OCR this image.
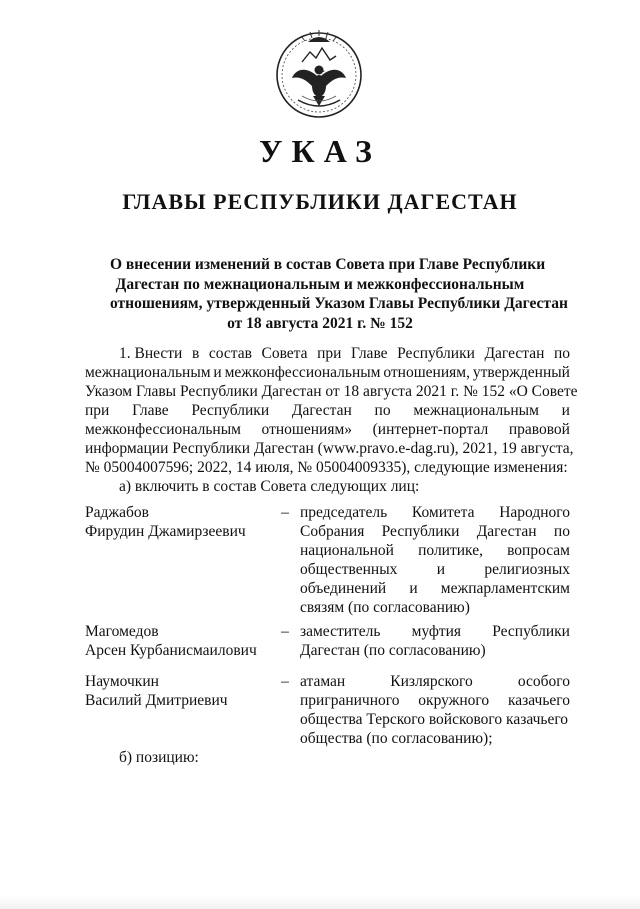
УКАЗ
ГЛАВЫ РЕСПУБЛИКИ ДАГЕСТАН
О внесении изменений в состав Совета при Главе Республики
Дагестан по межнациональным и межконфессиональным
отношениям, утвержденный Указом Главы Республики Дагестан
от 18 августа 2021 г. № 152
1. Внести в состав Совета при Главе Республики Дагестан по
межнациональным и межконфессиональным отношениям, утвержденный
Указом Главы Республики Дагестан от 18 августа 2021 г. № 152 «О Совете
при Главе Республики Дагестан по межнациональным и
межконфессиональным отношениям» (интернет-портал правовой
информации Республики Дагестан (www.pravo.e-dag.ru), 2021, 19 августа,
№ 05004007596; 2022, 14 июля, № 05004009335), следующие изменения:
а) включить в состав Совета следующих лиц:
Раджабов
Фирудин Джамирзеевич
– председатель Комитета Народного
Собрания Республики Дагестан по
национальной политике, вопросам
общественных	и	религиозных
объединений и межпарламентским
связям (по согласованию)
Магомедов
Арсен Курбанисмаилович
– заместитель муфтия Республики
Дагестан (по согласованию)
Наумочкин
Василий Дмитриевич
– атаман	Кизлярского	особого
приграничного окружного казачьего
общества Терского войскового казачьего
общества (по согласованию);
б) позицию:
